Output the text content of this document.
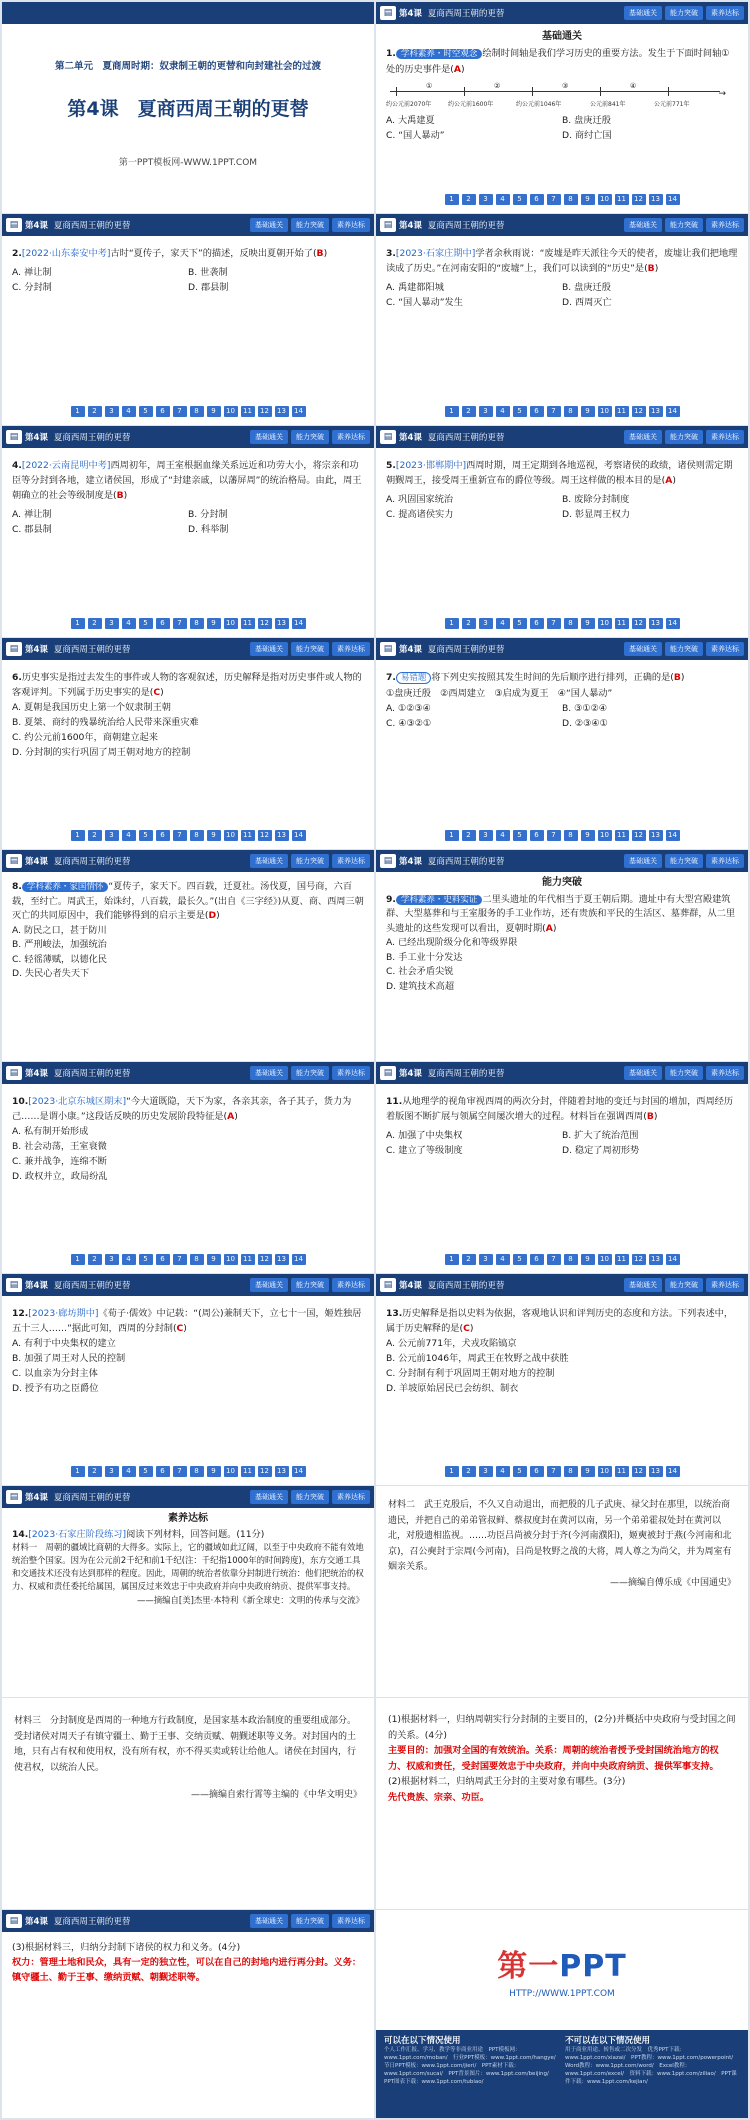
第二单元　夏商周时期：奴隶制王朝的更替和向封建社会的过渡
第4课　夏商西周王朝的更替
第一PPT模板网-WWW.1PPT.COM
▤ 第4课 夏商西周王朝的更替	基础通关	能力突破	素养达标
基础通关
1. 学科素养・时空观念 绘制时间轴是我们学习历史的重要方法。发生于下面时间轴①处的历史事件是(A)
→
①	②	③	④
约公元前2070年	约公元前1600年	约公元前1046年	公元前841年	公元前771年
A. 大禹建夏	B. 盘庚迁殷
C. “国人暴动”	D. 商纣亡国
1	2	3	4	5	6	7	8	9	10	11	12	13	14
▤ 第4课 夏商西周王朝的更替	基础通关	能力突破	素养达标
2.[2022·山东泰安中考]古时“夏传子，家天下”的描述，反映出夏朝开始了(B)
A. 禅让制	B. 世袭制
C. 分封制	D. 郡县制
1	2	3	4	5	6	7	8	9	10	11	12	13	14
▤ 第4课 夏商西周王朝的更替	基础通关	能力突破	素养达标
3.[2023·石家庄期中]学者余秋雨说：“废墟是昨天派往今天的使者，废墟让我们把地理读成了历史。”在河南安阳的“废墟”上，我们可以读到的“历史”是(B)
A. 禹建都阳城	B. 盘庚迁殷
C. “国人暴动”发生	D. 西周灭亡
1	2	3	4	5	6	7	8	9	10	11	12	13	14
▤ 第4课 夏商西周王朝的更替	基础通关	能力突破	素养达标
4.[2022·云南昆明中考]西周初年，周王室根据血缘关系远近和功劳大小，将宗亲和功臣等分封到各地，建立诸侯国，形成了“封建亲戚，以藩屏周”的统治格局。由此，周王朝确立的社会等级制度是(B)
A. 禅让制	B. 分封制
C. 郡县制	D. 科举制
1	2	3	4	5	6	7	8	9	10	11	12	13	14
▤ 第4课 夏商西周王朝的更替	基础通关	能力突破	素养达标
5.[2023·邯郸期中]西周时期，周王定期到各地巡视，考察诸侯的政绩，诸侯则需定期朝觐周王，接受周王重新宣布的爵位等级。周王这样做的根本目的是(A)
A. 巩固国家统治	B. 废除分封制度
C. 提高诸侯实力	D. 彰显周王权力
1	2	3	4	5	6	7	8	9	10	11	12	13	14
▤ 第4课 夏商西周王朝的更替	基础通关	能力突破	素养达标
6.历史事实是指过去发生的事件或人物的客观叙述，历史解释是指对历史事件或人物的客观评判。下列属于历史事实的是(C)
A. 夏朝是我国历史上第一个奴隶制王朝
B. 夏桀、商纣的残暴统治给人民带来深重灾难
C. 约公元前1600年，商朝建立起来
D. 分封制的实行巩固了周王朝对地方的控制
1	2	3	4	5	6	7	8	9	10	11	12	13	14
▤ 第4课 夏商西周王朝的更替	基础通关	能力突破	素养达标
7. 易错题 将下列史实按照其发生时间的先后顺序进行排列，正确的是(B)
①盘庚迁殷　②西周建立　③启成为夏王　④“国人暴动”
A. ①②③④	B. ③①②④
C. ④③②①	D. ②③④①
1	2	3	4	5	6	7	8	9	10	11	12	13	14
▤ 第4课 夏商西周王朝的更替	基础通关	能力突破	素养达标
8. 学科素养・家国情怀 “夏传子，家天下。四百载，迁夏社。汤伐夏，国号商，六百载，至纣亡。周武王，始诛纣，八百载，最长久。”(出自《三字经》)从夏、商、西周三朝灭亡的共同原因中，我们能够得到的启示主要是(D)
A. 防民之口，甚于防川
B. 严刑峻法，加强统治
C. 轻徭薄赋，以德化民
D. 失民心者失天下
▤ 第4课 夏商西周王朝的更替	基础通关	能力突破	素养达标
能力突破
9. 学科素养・史料实证 二里头遗址的年代相当于夏王朝后期。遗址中有大型宫殿建筑群、大型墓葬和与王室服务的手工业作坊，还有贵族和平民的生活区、墓葬群，从二里头遗址的这些发现可以看出，夏朝时期(A)
A. 已经出现阶级分化和等级界限
B. 手工业十分发达
C. 社会矛盾尖锐
D. 建筑技术高超
▤ 第4课 夏商西周王朝的更替	基础通关	能力突破	素养达标
10.[2023·北京东城区期末]“今大道既隐，天下为家，各亲其亲，各子其子，货力为己……是谓小康。”这段话反映的历史发展阶段特征是(A)
A. 私有制开始形成
B. 社会动荡，王室衰微
C. 兼并战争，连绵不断
D. 政权并立，政局纷乱
1	2	3	4	5	6	7	8	9	10	11	12	13	14
▤ 第4课 夏商西周王朝的更替	基础通关	能力突破	素养达标
11.从地理学的视角审视西周的两次分封，伴随着封地的变迁与封国的增加，西周经历着版图不断扩展与领属空间屡次增大的过程。材料旨在强调西周(B)
A. 加强了中央集权	B. 扩大了统治范围
C. 建立了等级制度	D. 稳定了周初形势
1	2	3	4	5	6	7	8	9	10	11	12	13	14
▤ 第4课 夏商西周王朝的更替	基础通关	能力突破	素养达标
12.[2023·廊坊期中]《荀子·儒效》中记载：“(周公)兼制天下，立七十一国，姬姓独居五十三人……”据此可知，西周的分封制(C)
A. 有利于中央集权的建立
B. 加强了周王对人民的控制
C. 以血亲为分封主体
D. 授予有功之臣爵位
1	2	3	4	5	6	7	8	9	10	11	12	13	14
▤ 第4课 夏商西周王朝的更替	基础通关	能力突破	素养达标
13.历史解释是指以史料为依据，客观地认识和评判历史的态度和方法。下列表述中，属于历史解释的是(C)
A. 公元前771年，犬戎攻陷镐京
B. 公元前1046年，周武王在牧野之战中获胜
C. 分封制有利于巩固周王朝对地方的控制
D. 羊坡原始居民已会纺织、制衣
1	2	3	4	5	6	7	8	9	10	11	12	13	14
▤ 第4课 夏商西周王朝的更替	基础通关	能力突破	素养达标
素养达标
14.[2023·石家庄阶段练习]阅读下列材料，回答问题。(11分)
材料一　周朝的疆域比商朝的大得多。实际上，它的疆域如此辽阔，以至于中央政府不能有效地统治整个国家。因为在公元前2千纪和前1千纪(注：千纪指1000年的时间跨度)，东方交通工具和交通技术还没有达到那样的程度。因此，周朝的统治者依靠分封制进行统治：他们把统治的权力、权威和责任委托给属国，属国反过来效忠于中央政府并向中央政府纳贡、提供军事支持。
——摘编自[美]杰里·本特利《新全球史：文明的传承与交流》
材料二　武王克殷后，不久又自动退出，而把殷的几子武庚、禄父封在那里，以统治商遗民，并把自己的弟弟管叔鲜、蔡叔度封在黄河以南，另一个弟弟霍叔处封在黄河以北，对殷遗相监视。……功臣吕尚被分封于齐(今河南濮阳)，姬奭被封于燕(今河南和北京)，召公奭封于宗周(今河南)，吕尚是牧野之战的大将，周人尊之为尚父，并为周室有姻亲关系。
——摘编自傅乐成《中国通史》
材料三　分封制度是西周的一种地方行政制度，是国家基本政治制度的重要组成部分。受封诸侯对周天子有镇守疆土、勤于王事、交纳贡赋、朝觐述职等义务。对封国内的土地，只有占有权和使用权，没有所有权，亦不得买卖或转让给他人。诸侯在封国内，行使君权，以统治人民。
——摘编自索行霄等主编的《中华文明史》
(1)根据材料一，归纳周朝实行分封制的主要目的，(2分)并概括中央政府与受封国之间的关系。(4分)
主要目的：加强对全国的有效统治。关系：周朝的统治者授予受封国统治地方的权力、权威和责任，受封国要效忠于中央政府，并向中央政府纳贡、提供军事支持。
(2)根据材料二，归纳周武王分封的主要对象有哪些。(3分)
先代贵族、宗亲、功臣。
▤ 第4课 夏商西周王朝的更替	基础通关	能力突破	素养达标
(3)根据材料三，归纳分封制下诸侯的权力和义务。(4分)
权力：管理土地和民众，具有一定的独立性，可以在自己的封地内进行再分封。义务：镇守疆土、勤于王事、缴纳贡赋、朝觐述职等。	第一PPT
HTTP://WWW.1PPT.COM
可以在以下情况使用
个人工作汇报、学习、教学等非商业用途　PPT模板网：www.1ppt.com/moban/　行业PPT模板：www.1ppt.com/hangye/　节日PPT模板：www.1ppt.com/jieri/　PPT素材下载：www.1ppt.com/sucai/　PPT背景图片：www.1ppt.com/beijing/　PPT图表下载：www.1ppt.com/tubiao/
不可以在以下情况使用
用于商业用途、转售或二次分发　优秀PPT下载：www.1ppt.com/xiazai/　PPT教程：www.1ppt.com/powerpoint/　Word教程：www.1ppt.com/word/　Excel教程：www.1ppt.com/excel/　资料下载：www.1ppt.com/ziliao/　PPT课件下载：www.1ppt.com/kejian/
